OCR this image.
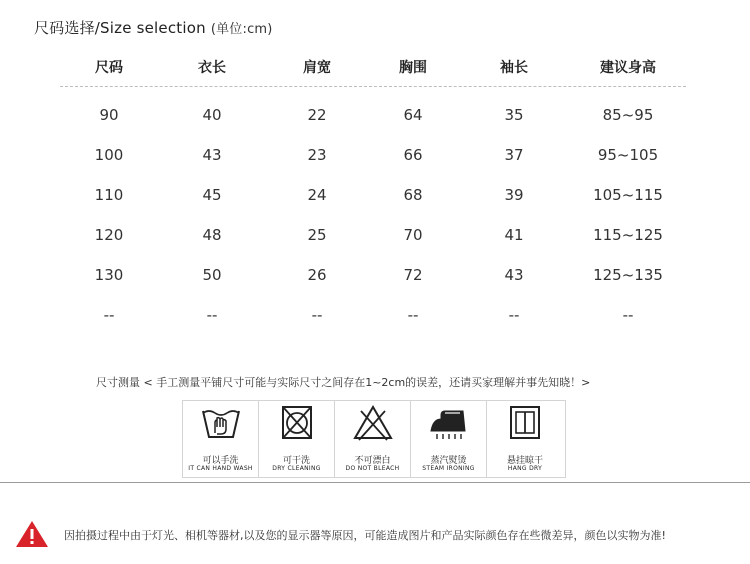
尺码选择/Size selection (单位:cm)
尺码	衣长	肩宽	胸围	袖长	建议身高
90	40	22	64	35	85~95
100	43	23	66	37	95~105
110	45	24	68	39	105~115
120	48	25	70	41	115~125
130	50	26	72	43	125~135
--	--	--	--	--	--
尺寸测量 < 手工测量平铺尺寸可能与实际尺寸之间存在1~2cm的误差，还请买家理解并事先知晓！>
可以手洗
IT CAN HAND WASH
可干洗
DRY CLEANING
不可漂白
DO NOT BLEACH
蒸汽熨烫
STEAM IRONING
悬挂晾干
HANG DRY
因拍摄过程中由于灯光、相机等器材,以及您的显示器等原因，可能造成图片和产品实际颜色存在些微差异，颜色以实物为准!
